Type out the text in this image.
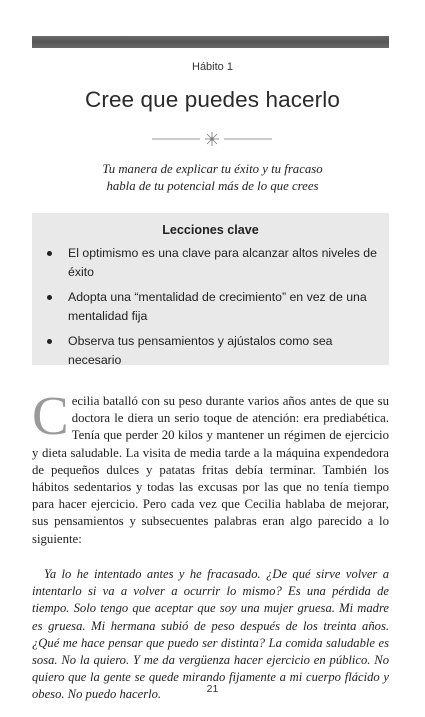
Hábito 1
Cree que puedes hacerlo
Tu manera de explicar tu éxito y tu fracaso
habla de tu potencial más de lo que crees
Lecciones clave
El optimismo es una clave para alcanzar altos niveles de éxito
Adopta una “mentalidad de crecimiento” en vez de una mentalidad fija
Observa tus pensamientos y ajústalos como sea necesario

Cecilia batalló con su peso durante varios años antes de que su doctora le diera un serio toque de atención: era prediabética. Tenía que perder 20 kilos y mantener un régimen de ejercicio y dieta saludable. La visita de media tarde a la máquina expendedora de pequeños dulces y patatas fritas debía terminar. También los hábitos sedentarios y todas las excusas por las que no tenía tiempo para hacer ejercicio. Pero cada vez que Cecilia hablaba de mejorar, sus pensamientos y subsecuentes palabras eran algo parecido a lo siguiente:

Ya lo he intentado antes y he fracasado. ¿De qué sirve volver a intentarlo si va a volver a ocurrir lo mismo? Es una pérdida de tiempo. Solo tengo que aceptar que soy una mujer gruesa. Mi madre es gruesa. Mi hermana subió de peso después de los treinta años. ¿Qué me hace pensar que puedo ser distinta? La comida saludable es sosa. No la quiero. Y me da vergüenza hacer ejercicio en público. No quiero que la gente se quede mirando fijamente a mi cuerpo flácido y obeso. No puedo hacerlo.	21
